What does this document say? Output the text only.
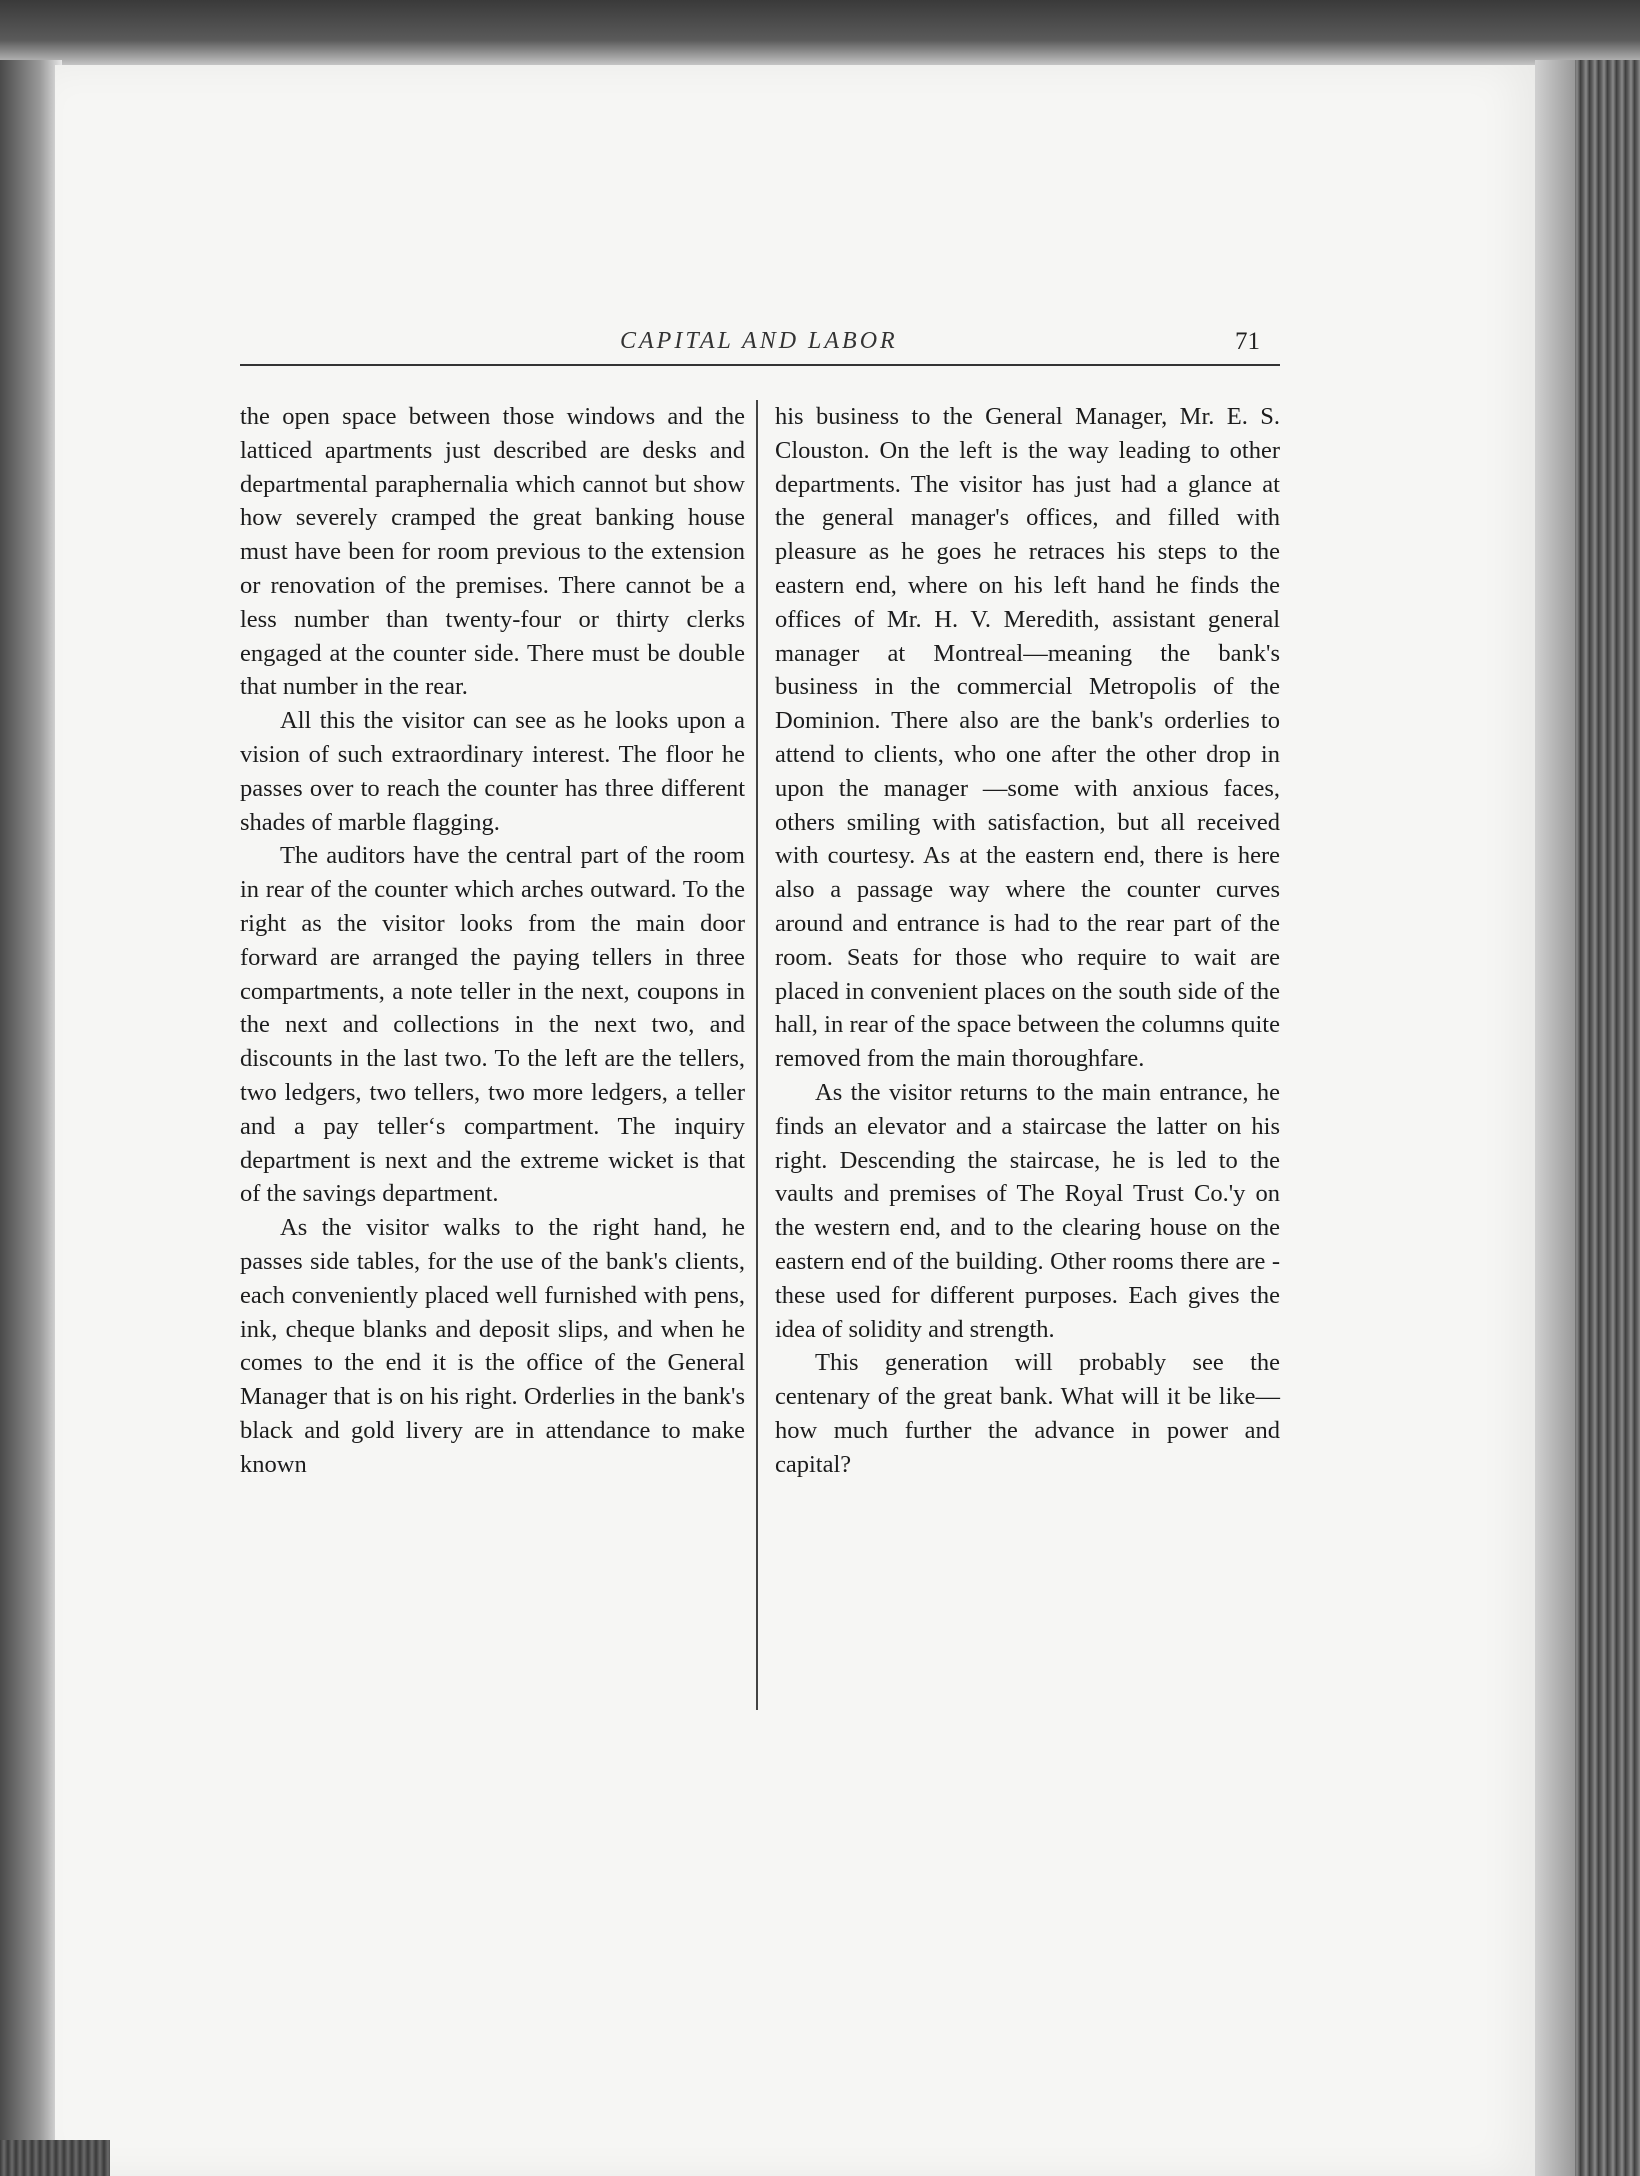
CAPITAL AND LABOR	71

the open space between those windows and the latticed apartments just described are desks and departmental paraphernalia which cannot but show how severely cramped the great banking house must have been for room previous to the extension or renovation of the premises. There cannot be a less number than twenty-four or thirty clerks engaged at the counter side. There must be double that number in the rear.

All this the visitor can see as he looks upon a vision of such extraordinary interest. The floor he passes over to reach the counter has three different shades of marble flagging.

The auditors have the central part of the room in rear of the counter which arches outward. To the right as the visitor looks from the main door forward are arranged the paying tellers in three compartments, a note teller in the next, coupons in the next and collections in the next two, and discounts in the last two. To the left are the tellers, two ledgers, two tellers, two more ledgers, a teller and a pay teller‘s compartment. The inquiry department is next and the extreme wicket is that of the savings department.

As the visitor walks to the right hand, he passes side tables, for the use of the bank's clients, each conveniently placed well furnished with pens, ink, cheque blanks and deposit slips, and when he comes to the end it is the office of the General Manager that is on his right. Orderlies in the bank's black and gold livery are in attendance to make known

his business to the General Manager, Mr. E. S. Clouston. On the left is the way leading to other departments. The visitor has just had a glance at the general manager's offices, and filled with pleasure as he goes he retraces his steps to the eastern end, where on his left hand he finds the offices of Mr. H. V. Meredith, assistant general manager at Montreal—meaning the bank's business in the commercial Metropolis of the Dominion. There also are the bank's orderlies to attend to clients, who one after the other drop in upon the manager —some with anxious faces, others smiling with satisfaction, but all received with courtesy. As at the eastern end, there is here also a passage way where the counter curves around and entrance is had to the rear part of the room. Seats for those who require to wait are placed in convenient places on the south side of the hall, in rear of the space between the columns quite removed from the main thoroughfare.

As the visitor returns to the main entrance, he finds an elevator and a staircase the latter on his right. Descending the staircase, he is led to the vaults and premises of The Royal Trust Co.'y on the western end, and to the clearing house on the eastern end of the building. Other rooms there are - these used for different purposes. Each gives the idea of solidity and strength.

This generation will probably see the centenary of the great bank. What will it be like—how much further the advance in power and capital?
